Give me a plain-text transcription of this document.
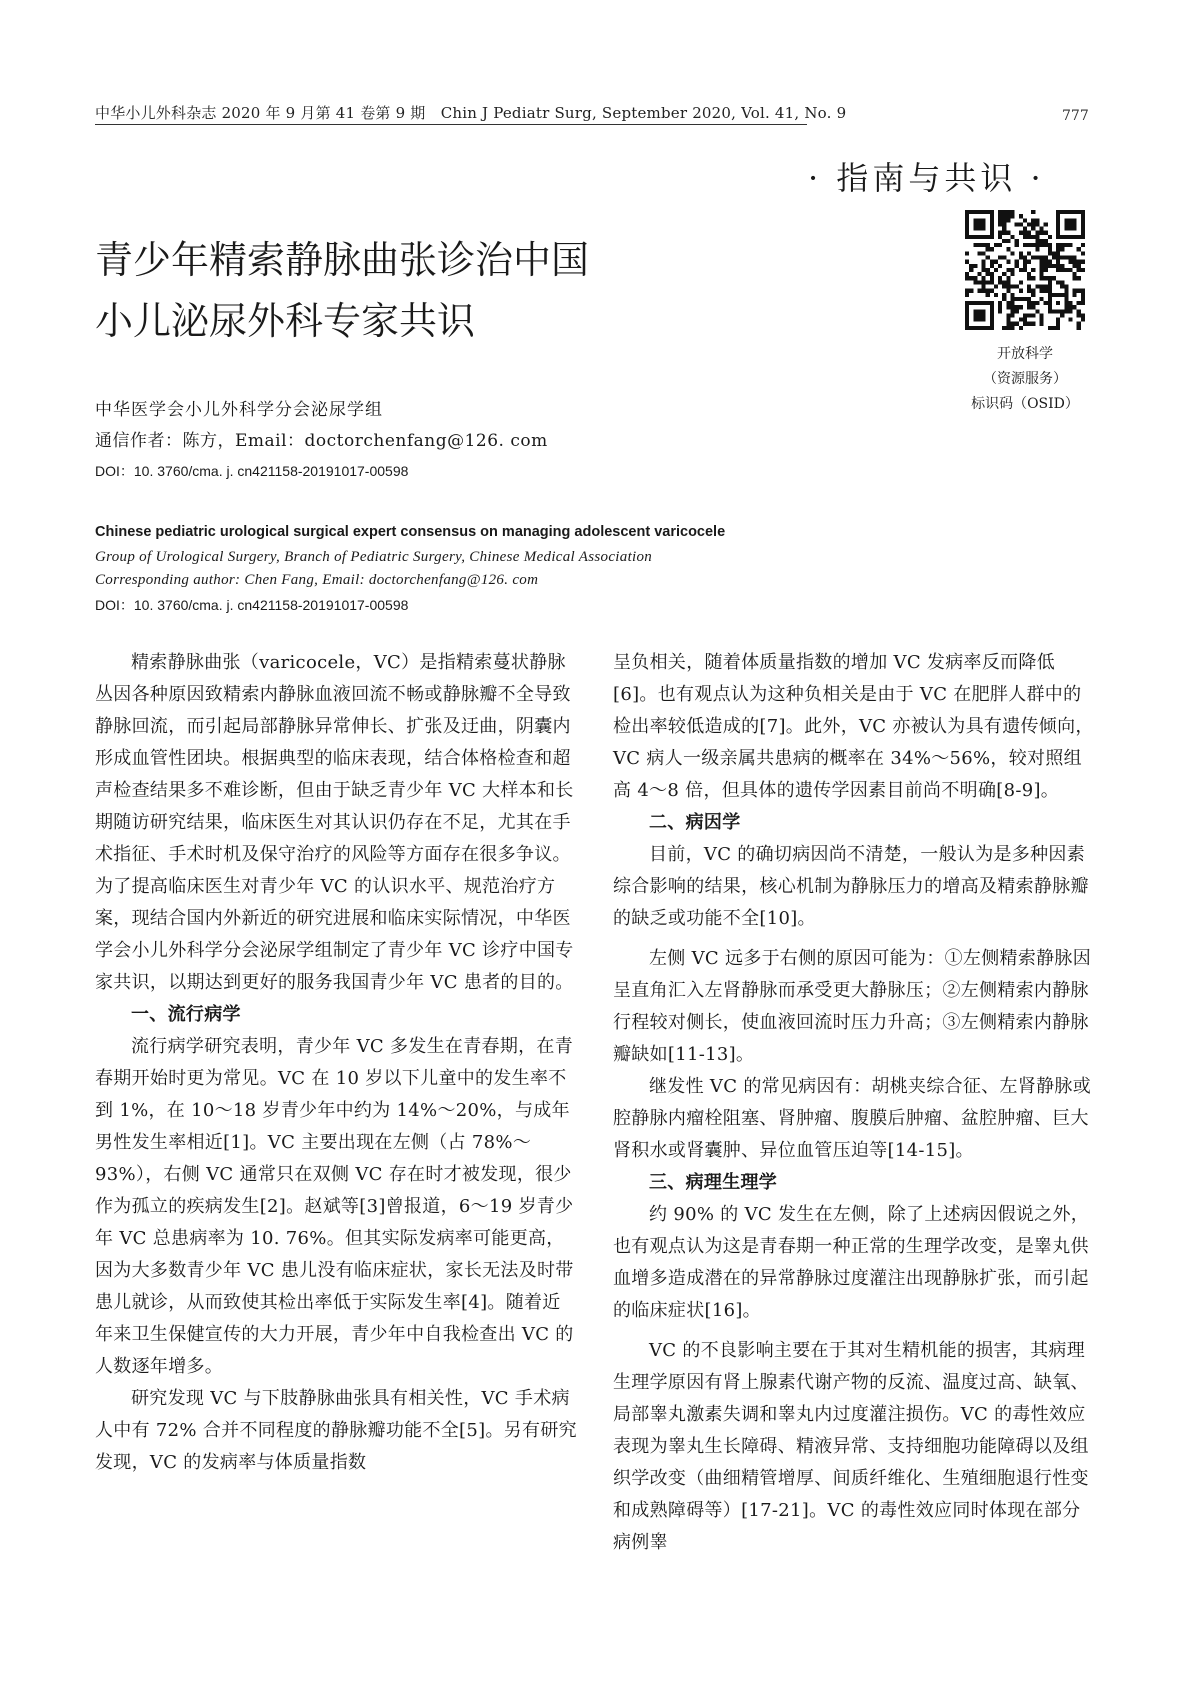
中华小儿外科杂志 2020 年 9 月第 41 卷第 9 期　Chin J Pediatr Surg, September 2020, Vol. 41, No. 9	777
· 指南与共识 ·
青少年精索静脉曲张诊治中国
小儿泌尿外科专家共识
开放科学
（资源服务）
标识码（OSID）
中华医学会小儿外科学分会泌尿学组
通信作者：陈方，Email：doctorchenfang@126. com
DOI：10. 3760/cma. j. cn421158-20191017-00598
Chinese pediatric urological surgical expert consensus on managing adolescent varicocele
Group of Urological Surgery, Branch of Pediatric Surgery, Chinese Medical Association
Corresponding author: Chen Fang, Email: doctorchenfang@126. com
DOI：10. 3760/cma. j. cn421158-20191017-00598

精索静脉曲张（varicocele，VC）是指精索蔓状静脉丛因各种原因致精索内静脉血液回流不畅或静脉瓣不全导致静脉回流，而引起局部静脉异常伸长、扩张及迂曲，阴囊内形成血管性团块。根据典型的临床表现，结合体格检查和超声检查结果多不难诊断，但由于缺乏青少年 VC 大样本和长期随访研究结果，临床医生对其认识仍存在不足，尤其在手术指征、手术时机及保守治疗的风险等方面存在很多争议。为了提高临床医生对青少年 VC 的认识水平、规范治疗方案，现结合国内外新近的研究进展和临床实际情况，中华医学会小儿外科学分会泌尿学组制定了青少年 VC 诊疗中国专家共识，以期达到更好的服务我国青少年 VC 患者的目的。

一、流行病学

流行病学研究表明，青少年 VC 多发生在青春期，在青春期开始时更为常见。VC 在 10 岁以下儿童中的发生率不到 1%，在 10～18 岁青少年中约为 14%～20%，与成年男性发生率相近[1]。VC 主要出现在左侧（占 78%～93%），右侧 VC 通常只在双侧 VC 存在时才被发现，很少作为孤立的疾病发生[2]。赵斌等[3]曾报道，6～19 岁青少年 VC 总患病率为 10. 76%。但其实际发病率可能更高，因为大多数青少年 VC 患儿没有临床症状，家长无法及时带患儿就诊，从而致使其检出率低于实际发生率[4]。随着近年来卫生保健宣传的大力开展，青少年中自我检查出 VC 的人数逐年增多。

研究发现 VC 与下肢静脉曲张具有相关性，VC 手术病人中有 72% 合并不同程度的静脉瓣功能不全[5]。另有研究发现，VC 的发病率与体质量指数

呈负相关，随着体质量指数的增加 VC 发病率反而降低[6]。也有观点认为这种负相关是由于 VC 在肥胖人群中的检出率较低造成的[7]。此外，VC 亦被认为具有遗传倾向，VC 病人一级亲属共患病的概率在 34%～56%，较对照组高 4～8 倍，但具体的遗传学因素目前尚不明确[8-9]。

二、病因学

目前，VC 的确切病因尚不清楚，一般认为是多种因素综合影响的结果，核心机制为静脉压力的增高及精索静脉瓣的缺乏或功能不全[10]。

左侧 VC 远多于右侧的原因可能为：①左侧精索静脉因呈直角汇入左肾静脉而承受更大静脉压；②左侧精索内静脉行程较对侧长，使血液回流时压力升高；③左侧精索内静脉瓣缺如[11-13]。

继发性 VC 的常见病因有：胡桃夹综合征、左肾静脉或腔静脉内瘤栓阻塞、肾肿瘤、腹膜后肿瘤、盆腔肿瘤、巨大肾积水或肾囊肿、异位血管压迫等[14-15]。

三、病理生理学

约 90% 的 VC 发生在左侧，除了上述病因假说之外，也有观点认为这是青春期一种正常的生理学改变，是睾丸供血增多造成潜在的异常静脉过度灌注出现静脉扩张，而引起的临床症状[16]。

VC 的不良影响主要在于其对生精机能的损害，其病理生理学原因有肾上腺素代谢产物的反流、温度过高、缺氧、局部睾丸激素失调和睾丸内过度灌注损伤。VC 的毒性效应表现为睾丸生长障碍、精液异常、支持细胞功能障碍以及组织学改变（曲细精管增厚、间质纤维化、生殖细胞退行性变和成熟障碍等）[17-21]。VC 的毒性效应同时体现在部分病例睾
